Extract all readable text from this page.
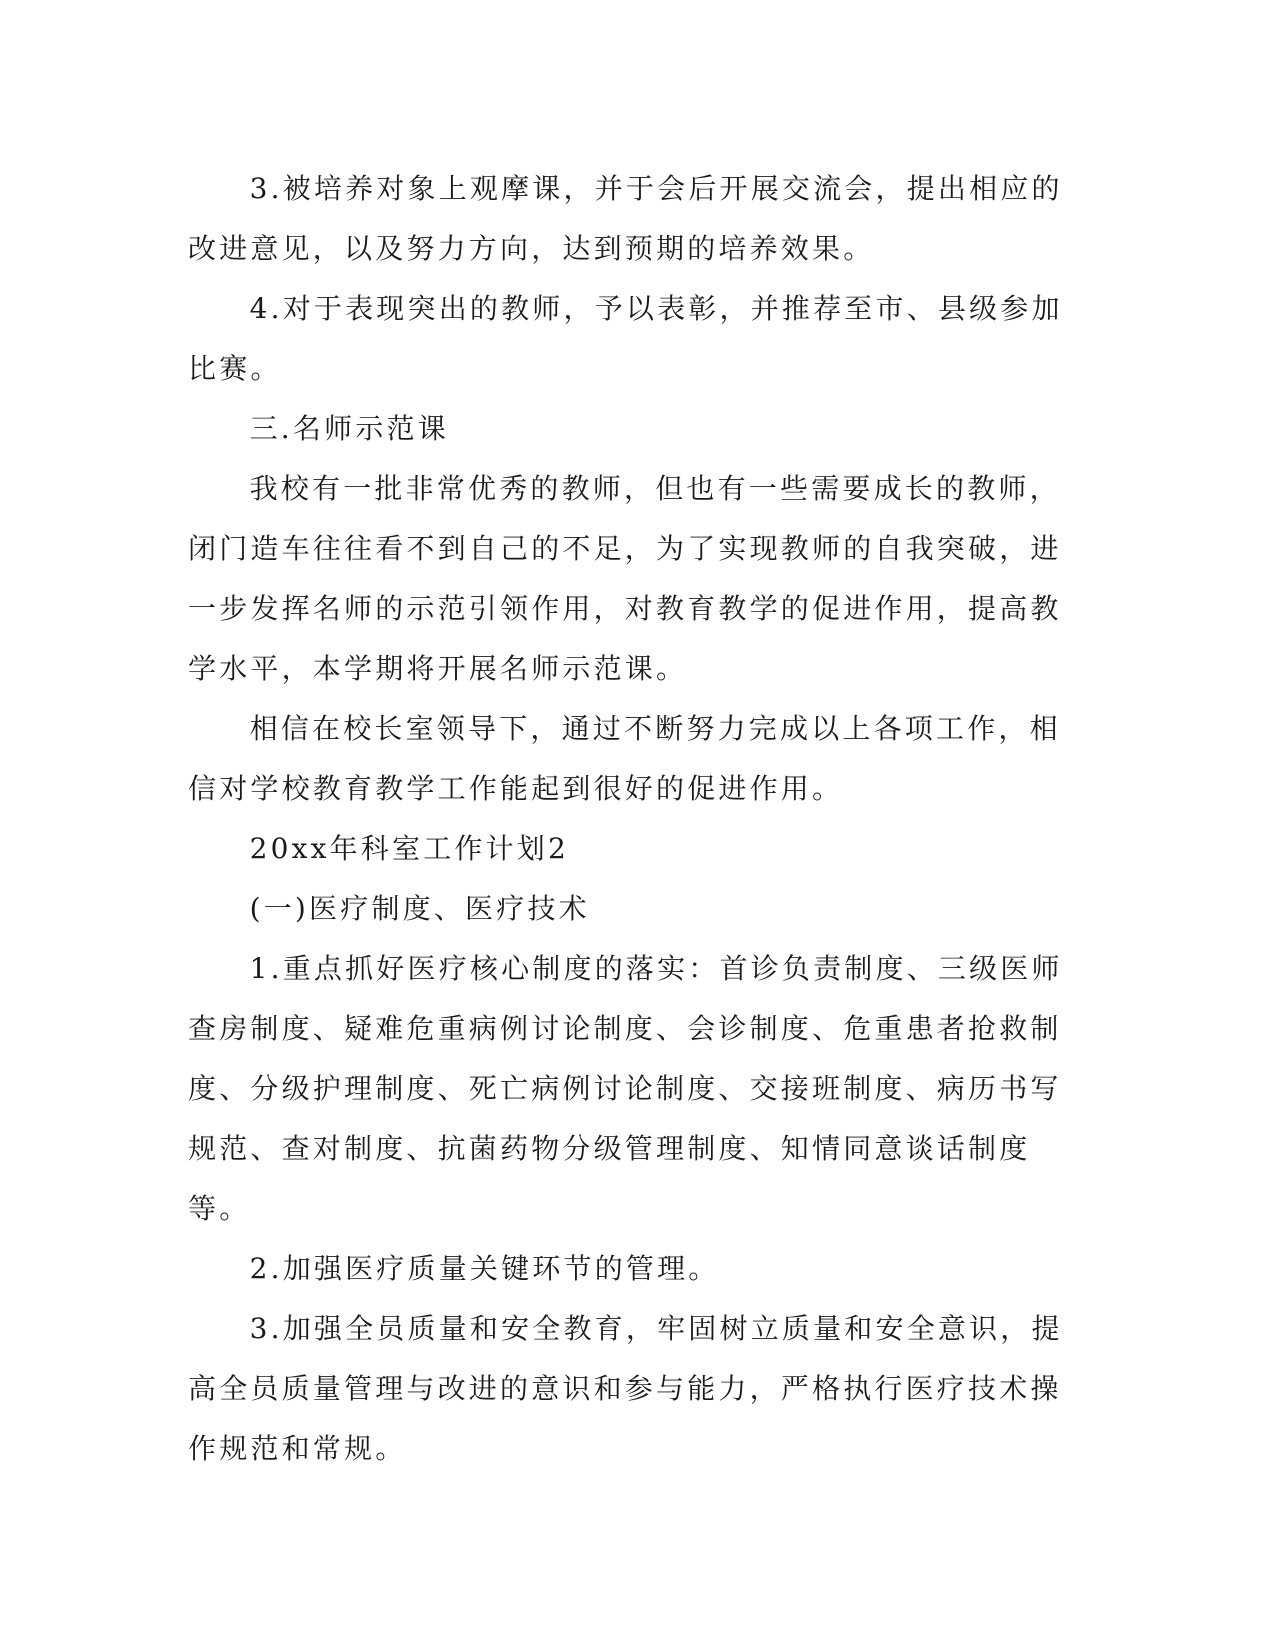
3.被培养对象上观摩课，并于会后开展交流会，提出相应的改进意见，以及努力方向，达到预期的培养效果。

4.对于表现突出的教师，予以表彰，并推荐至市、县级参加比赛。

三.名师示范课

我校有一批非常优秀的教师，但也有一些需要成长的教师，闭门造车往往看不到自己的不足，为了实现教师的自我突破，进一步发挥名师的示范引领作用，对教育教学的促进作用，提高教学水平，本学期将开展名师示范课。

相信在校长室领导下，通过不断努力完成以上各项工作，相信对学校教育教学工作能起到很好的促进作用。

20xx年科室工作计划2

(一)医疗制度、医疗技术

1.重点抓好医疗核心制度的落实：首诊负责制度、三级医师查房制度、疑难危重病例讨论制度、会诊制度、危重患者抢救制度、分级护理制度、死亡病例讨论制度、交接班制度、病历书写规范、查对制度、抗菌药物分级管理制度、知情同意谈话制度等。

2.加强医疗质量关键环节的管理。

3.加强全员质量和安全教育，牢固树立质量和安全意识，提高全员质量管理与改进的意识和参与能力，严格执行医疗技术操作规范和常规。
